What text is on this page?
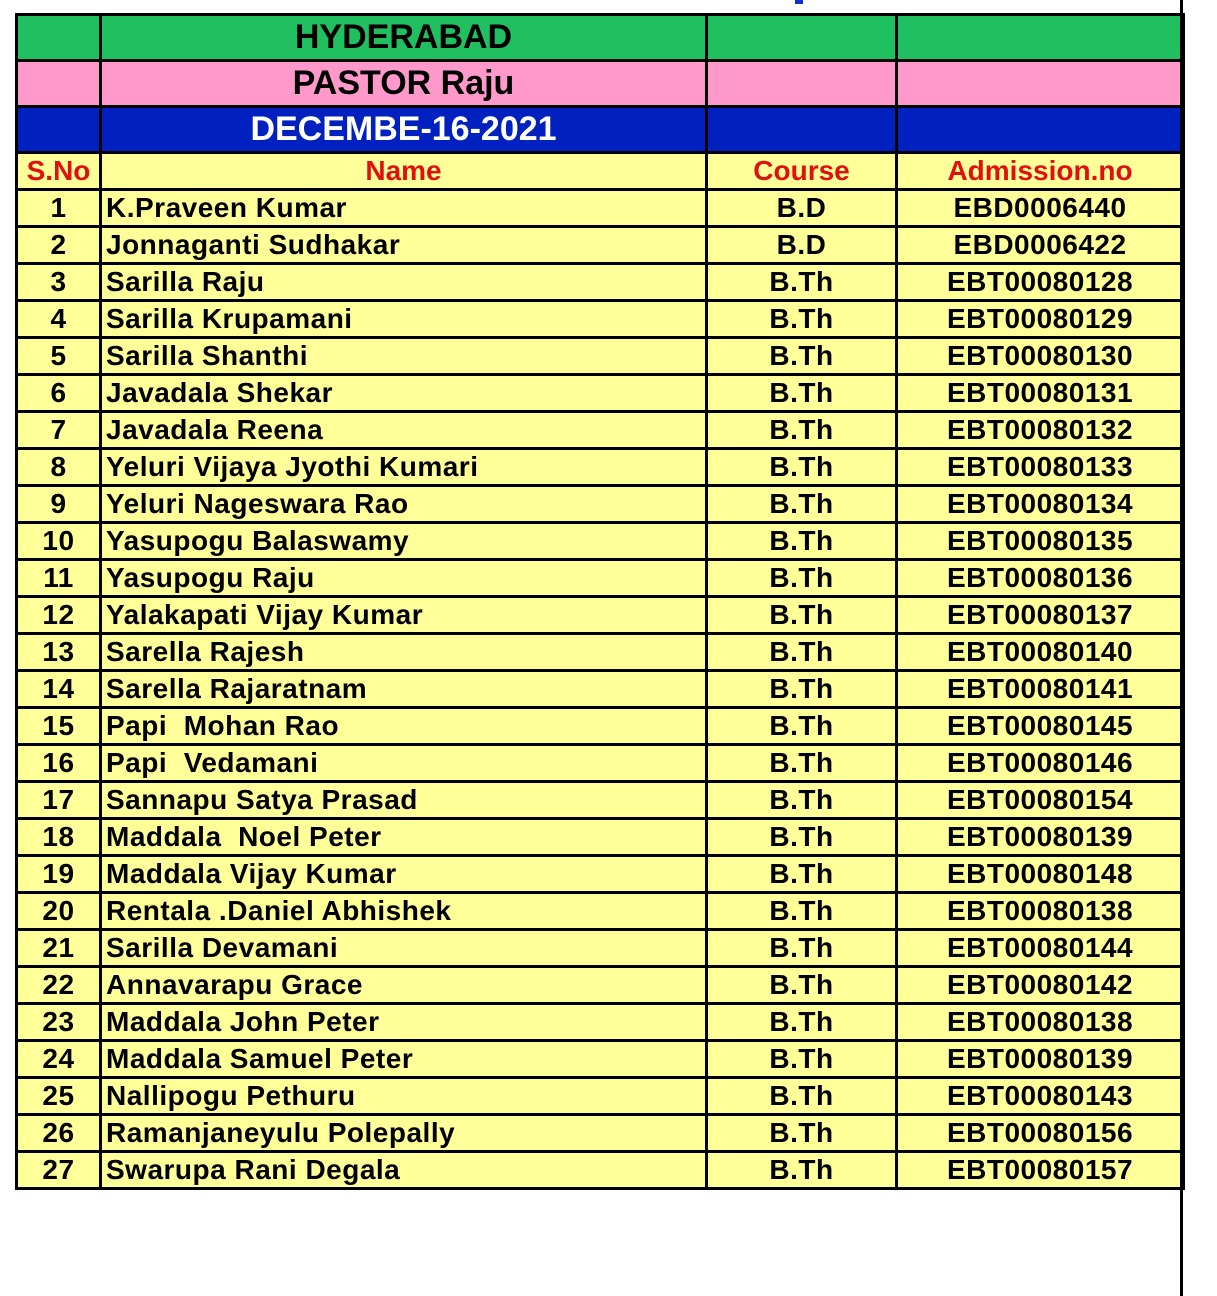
	HYDERABAD		
	PASTOR Raju		
	DECEMBE-16-2021		
S.No	Name	Course	Admission.no
1	K.Praveen Kumar	B.D	EBD0006440
2	Jonnaganti Sudhakar	B.D	EBD0006422
3	Sarilla Raju	B.Th	EBT00080128
4	Sarilla Krupamani	B.Th	EBT00080129
5	Sarilla Shanthi	B.Th	EBT00080130
6	Javadala Shekar	B.Th	EBT00080131
7	Javadala Reena	B.Th	EBT00080132
8	Yeluri Vijaya Jyothi Kumari	B.Th	EBT00080133
9	Yeluri Nageswara Rao	B.Th	EBT00080134
10	Yasupogu Balaswamy	B.Th	EBT00080135
11	Yasupogu Raju	B.Th	EBT00080136
12	Yalakapati Vijay Kumar	B.Th	EBT00080137
13	Sarella Rajesh	B.Th	EBT00080140
14	Sarella Rajaratnam	B.Th	EBT00080141
15	Papi  Mohan Rao	B.Th	EBT00080145
16	Papi  Vedamani	B.Th	EBT00080146
17	Sannapu Satya Prasad	B.Th	EBT00080154
18	Maddala  Noel Peter	B.Th	EBT00080139
19	Maddala Vijay Kumar	B.Th	EBT00080148
20	Rentala .Daniel Abhishek	B.Th	EBT00080138
21	Sarilla Devamani	B.Th	EBT00080144
22	Annavarapu Grace	B.Th	EBT00080142
23	Maddala John Peter	B.Th	EBT00080138
24	Maddala Samuel Peter	B.Th	EBT00080139
25	Nallipogu Pethuru	B.Th	EBT00080143
26	Ramanjaneyulu Polepally	B.Th	EBT00080156
27	Swarupa Rani Degala	B.Th	EBT00080157
